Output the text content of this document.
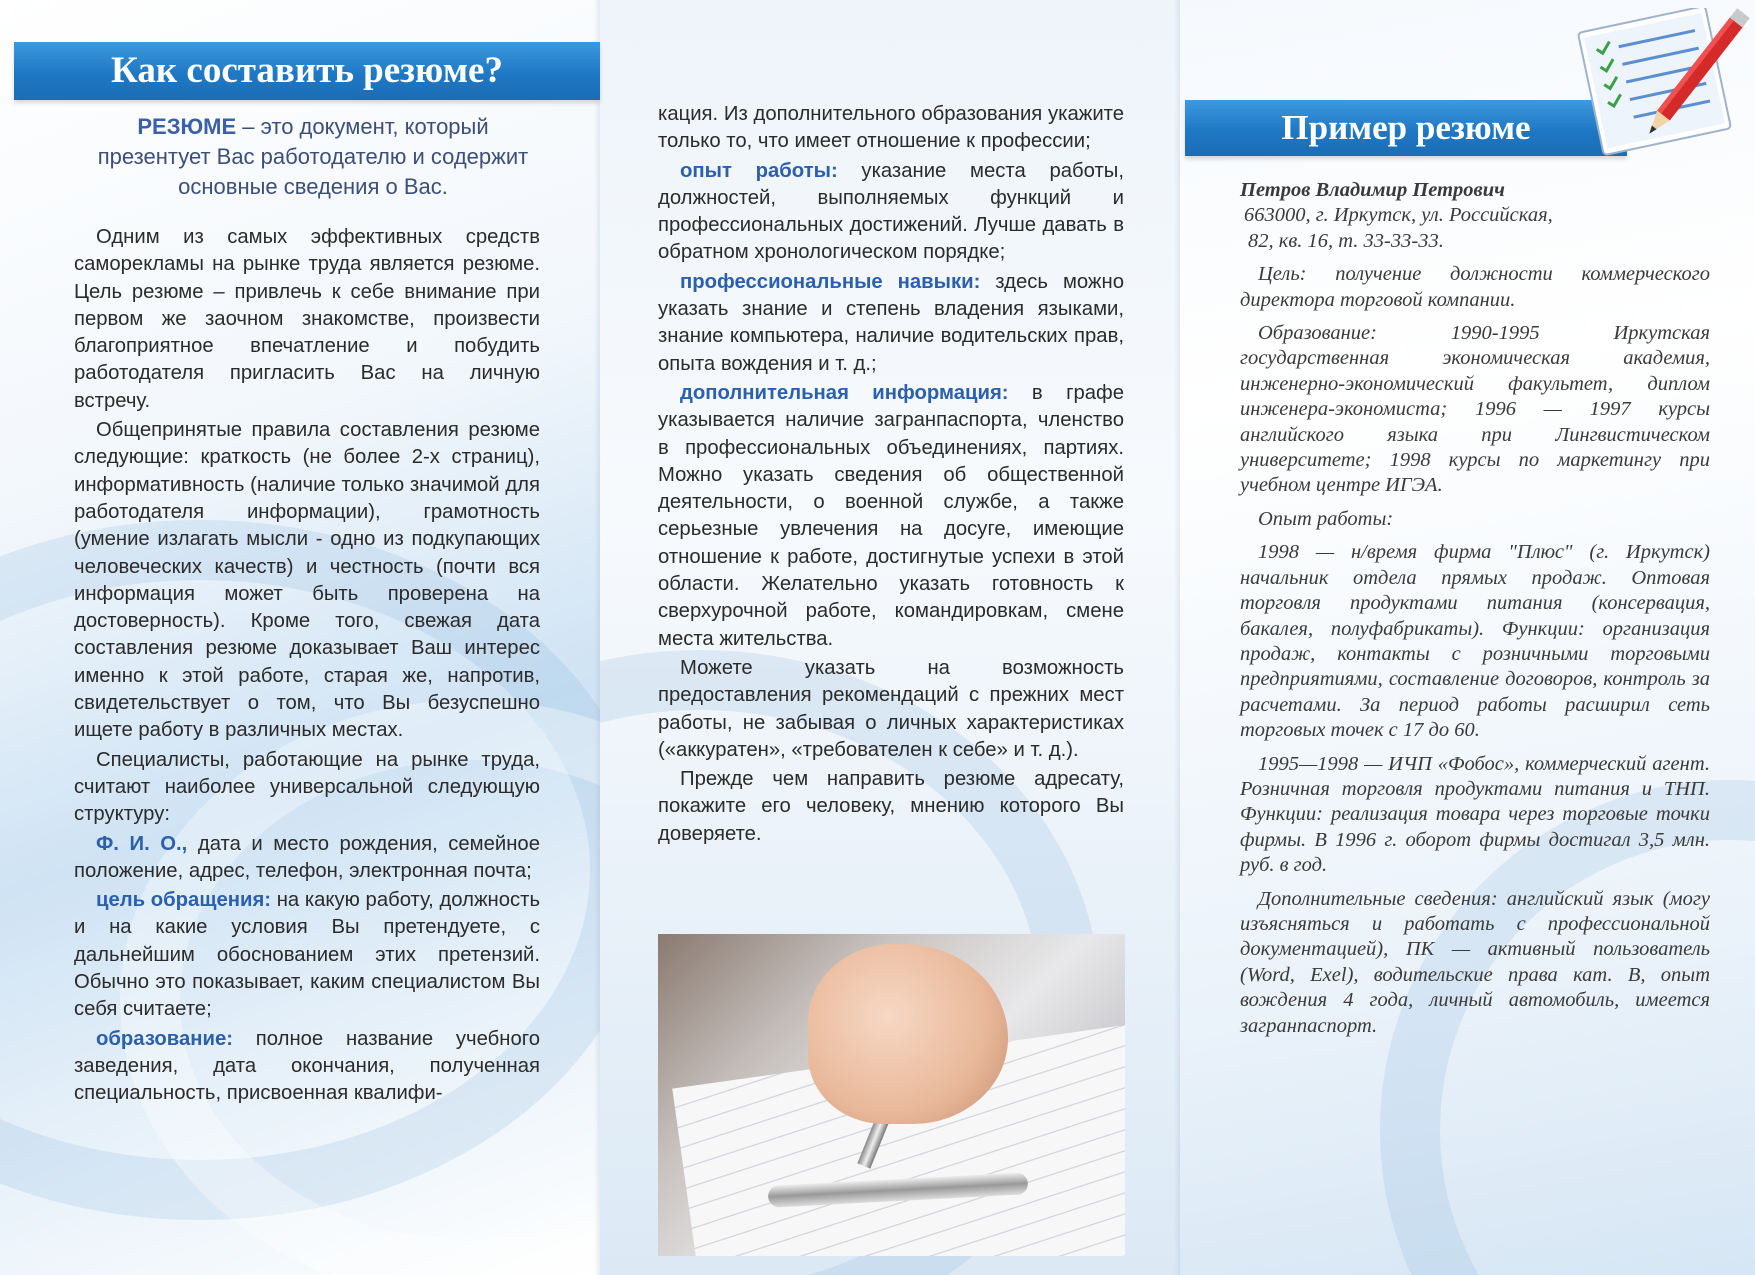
Как составить резюме?
Пример резюме
РЕЗЮМЕ – это документ, который презентует Вас работодателю и содержит основные сведения о Вас.

Одним из самых эффективных средств саморекламы на рынке труда является резюме. Цель резюме – привлечь к себе внимание при первом же заочном знакомстве, произвести благоприятное впечатление и побудить работодателя пригласить Вас на личную встречу.

Общепринятые правила составления резюме следующие: краткость (не более 2-х страниц), информативность (наличие только значимой для работодателя информации), грамотность (умение излагать мысли - одно из подкупающих человеческих качеств) и честность (почти вся информация может быть проверена на достоверность). Кроме того, свежая дата составления резюме доказывает Ваш интерес именно к этой работе, старая же, напротив, свидетельствует о том, что Вы безуспешно ищете работу в различных местах.

Специалисты, работающие на рынке труда, считают наиболее универсальной следующую структуру:

Ф. И. О., дата и место рождения, семейное положение, адрес, телефон, электронная почта;

цель обращения: на какую работу, должность и на какие условия Вы претендуете, с дальнейшим обоснованием этих претензий. Обычно это показывает, каким специалистом Вы себя считаете;

образование: полное название учебного заведения, дата окончания, полученная специальность, присвоенная квалифи-

кация. Из дополнительного образования укажите только то, что имеет отношение к профессии;

опыт работы: указание места работы, должностей, выполняемых функций и профессиональных достижений. Лучше давать в обратном хронологическом порядке;

профессиональные навыки: здесь можно указать знание и степень владения языками, знание компьютера, наличие водительских прав, опыта вождения и т. д.;

дополнительная информация: в графе указывается наличие загранпаспорта, членство в профессиональных объединениях, партиях. Можно указать сведения об общественной деятельности, о военной службе, а также серьезные увлечения на досуге, имеющие отношение к работе, достигнутые успехи в этой области. Желательно указать готовность к сверхурочной работе, командировкам, смене места жительства.

Можете указать на возможность предоставления рекомендаций с прежних мест работы, не забывая о личных характеристиках («аккуратен», «требователен к себе» и т. д.).

Прежде чем направить резюме адресату, покажите его человеку, мнению которого Вы доверяете.

Петров Владимир Петрович
663000, г. Иркутск, ул. Российская,
82, кв. 16, т. 33-33-33.

Цель: получение должности коммерческого директора торговой компании.

Образование: 1990-1995 Иркутская государственная экономическая академия, инженерно-экономический факультет, диплом инженера-экономиста; 1996 — 1997 курсы английского языка при Лингвистическом университете; 1998 курсы по маркетингу при учебном центре ИГЭА.

Опыт работы:

1998 — н/время фирма "Плюс" (г. Иркутск) начальник отдела прямых продаж. Оптовая торговля продуктами питания (консервация, бакалея, полуфабрикаты). Функции: организация продаж, контакты с розничными торговыми предприятиями, составление договоров, контроль за расчетами. За период работы расширил сеть торговых точек с 17 до 60.

1995—1998 — ИЧП «Фобос», коммерческий агент. Розничная торговля продуктами питания и ТНП. Функции: реализация товара через торговые точки фирмы. В 1996 г. оборот фирмы достигал 3,5 млн. руб. в год.

Дополнительные сведения: английский язык (могу изъясняться и работать с профессиональной документацией), ПК — активный пользователь (Word, Exel), водительские права кат. В, опыт вождения 4 года, личный автомобиль, имеется загранпаспорт.
